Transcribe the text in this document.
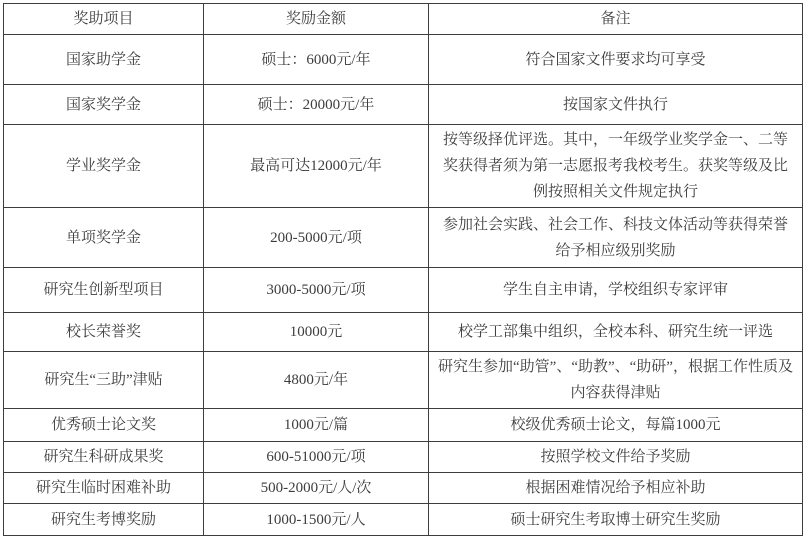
奖助项目	奖励金额	备注
国家助学金	硕士：6000元/年	符合国家文件要求均可享受
国家奖学金	硕士：20000元/年	按国家文件执行
学业奖学金	最高可达12000元/年	按等级择优评选。其中，一年级学业奖学金一、二等奖获得者须为第一志愿报考我校考生。获奖等级及比例按照相关文件规定执行
单项奖学金	200-5000元/项	参加社会实践、社会工作、科技文体活动等获得荣誉给予相应级别奖励
研究生创新型项目	3000-5000元/项	学生自主申请，学校组织专家评审
校长荣誉奖	10000元	校学工部集中组织，全校本科、研究生统一评选
研究生“三助”津贴	4800元/年	研究生参加“助管”、“助教”、“助研”，根据工作性质及内容获得津贴
优秀硕士论文奖	1000元/篇	校级优秀硕士论文，每篇1000元
研究生科研成果奖	600-51000元/项	按照学校文件给予奖励
研究生临时困难补助	500-2000元/人/次	根据困难情况给予相应补助
研究生考博奖励	1000-1500元/人	硕士研究生考取博士研究生奖励
